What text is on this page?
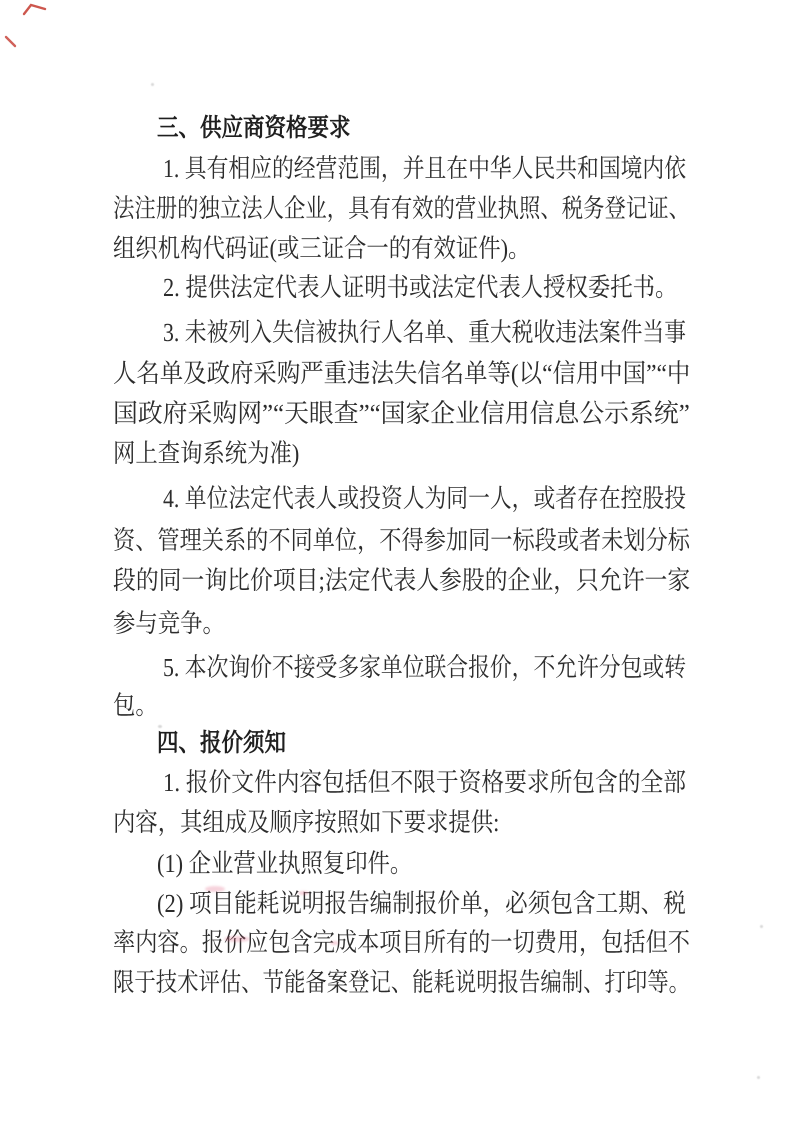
三、供应商资格要求
1. 具有相应的经营范围，并且在中华人民共和国境内依
法注册的独立法人企业，具有有效的营业执照、税务登记证、
组织机构代码证(或三证合一的有效证件)。
2. 提供法定代表人证明书或法定代表人授权委托书。
3. 未被列入失信被执行人名单、重大税收违法案件当事
人名单及政府采购严重违法失信名单等(以“信用中国”“中
国政府采购网”“天眼查”“国家企业信用信息公示系统”
网上查询系统为准)
4. 单位法定代表人或投资人为同一人，或者存在控股投
资、管理关系的不同单位，不得参加同一标段或者未划分标
段的同一询比价项目;法定代表人参股的企业，只允许一家
参与竞争。
5. 本次询价不接受多家单位联合报价，不允许分包或转
包。
四、报价须知
1. 报价文件内容包括但不限于资格要求所包含的全部
内容，其组成及顺序按照如下要求提供:
(1) 企业营业执照复印件。
(2) 项目能耗说明报告编制报价单，必须包含工期、税
率内容。报价应包含完成本项目所有的一切费用，包括但不
限于技术评估、节能备案登记、能耗说明报告编制、打印等。
